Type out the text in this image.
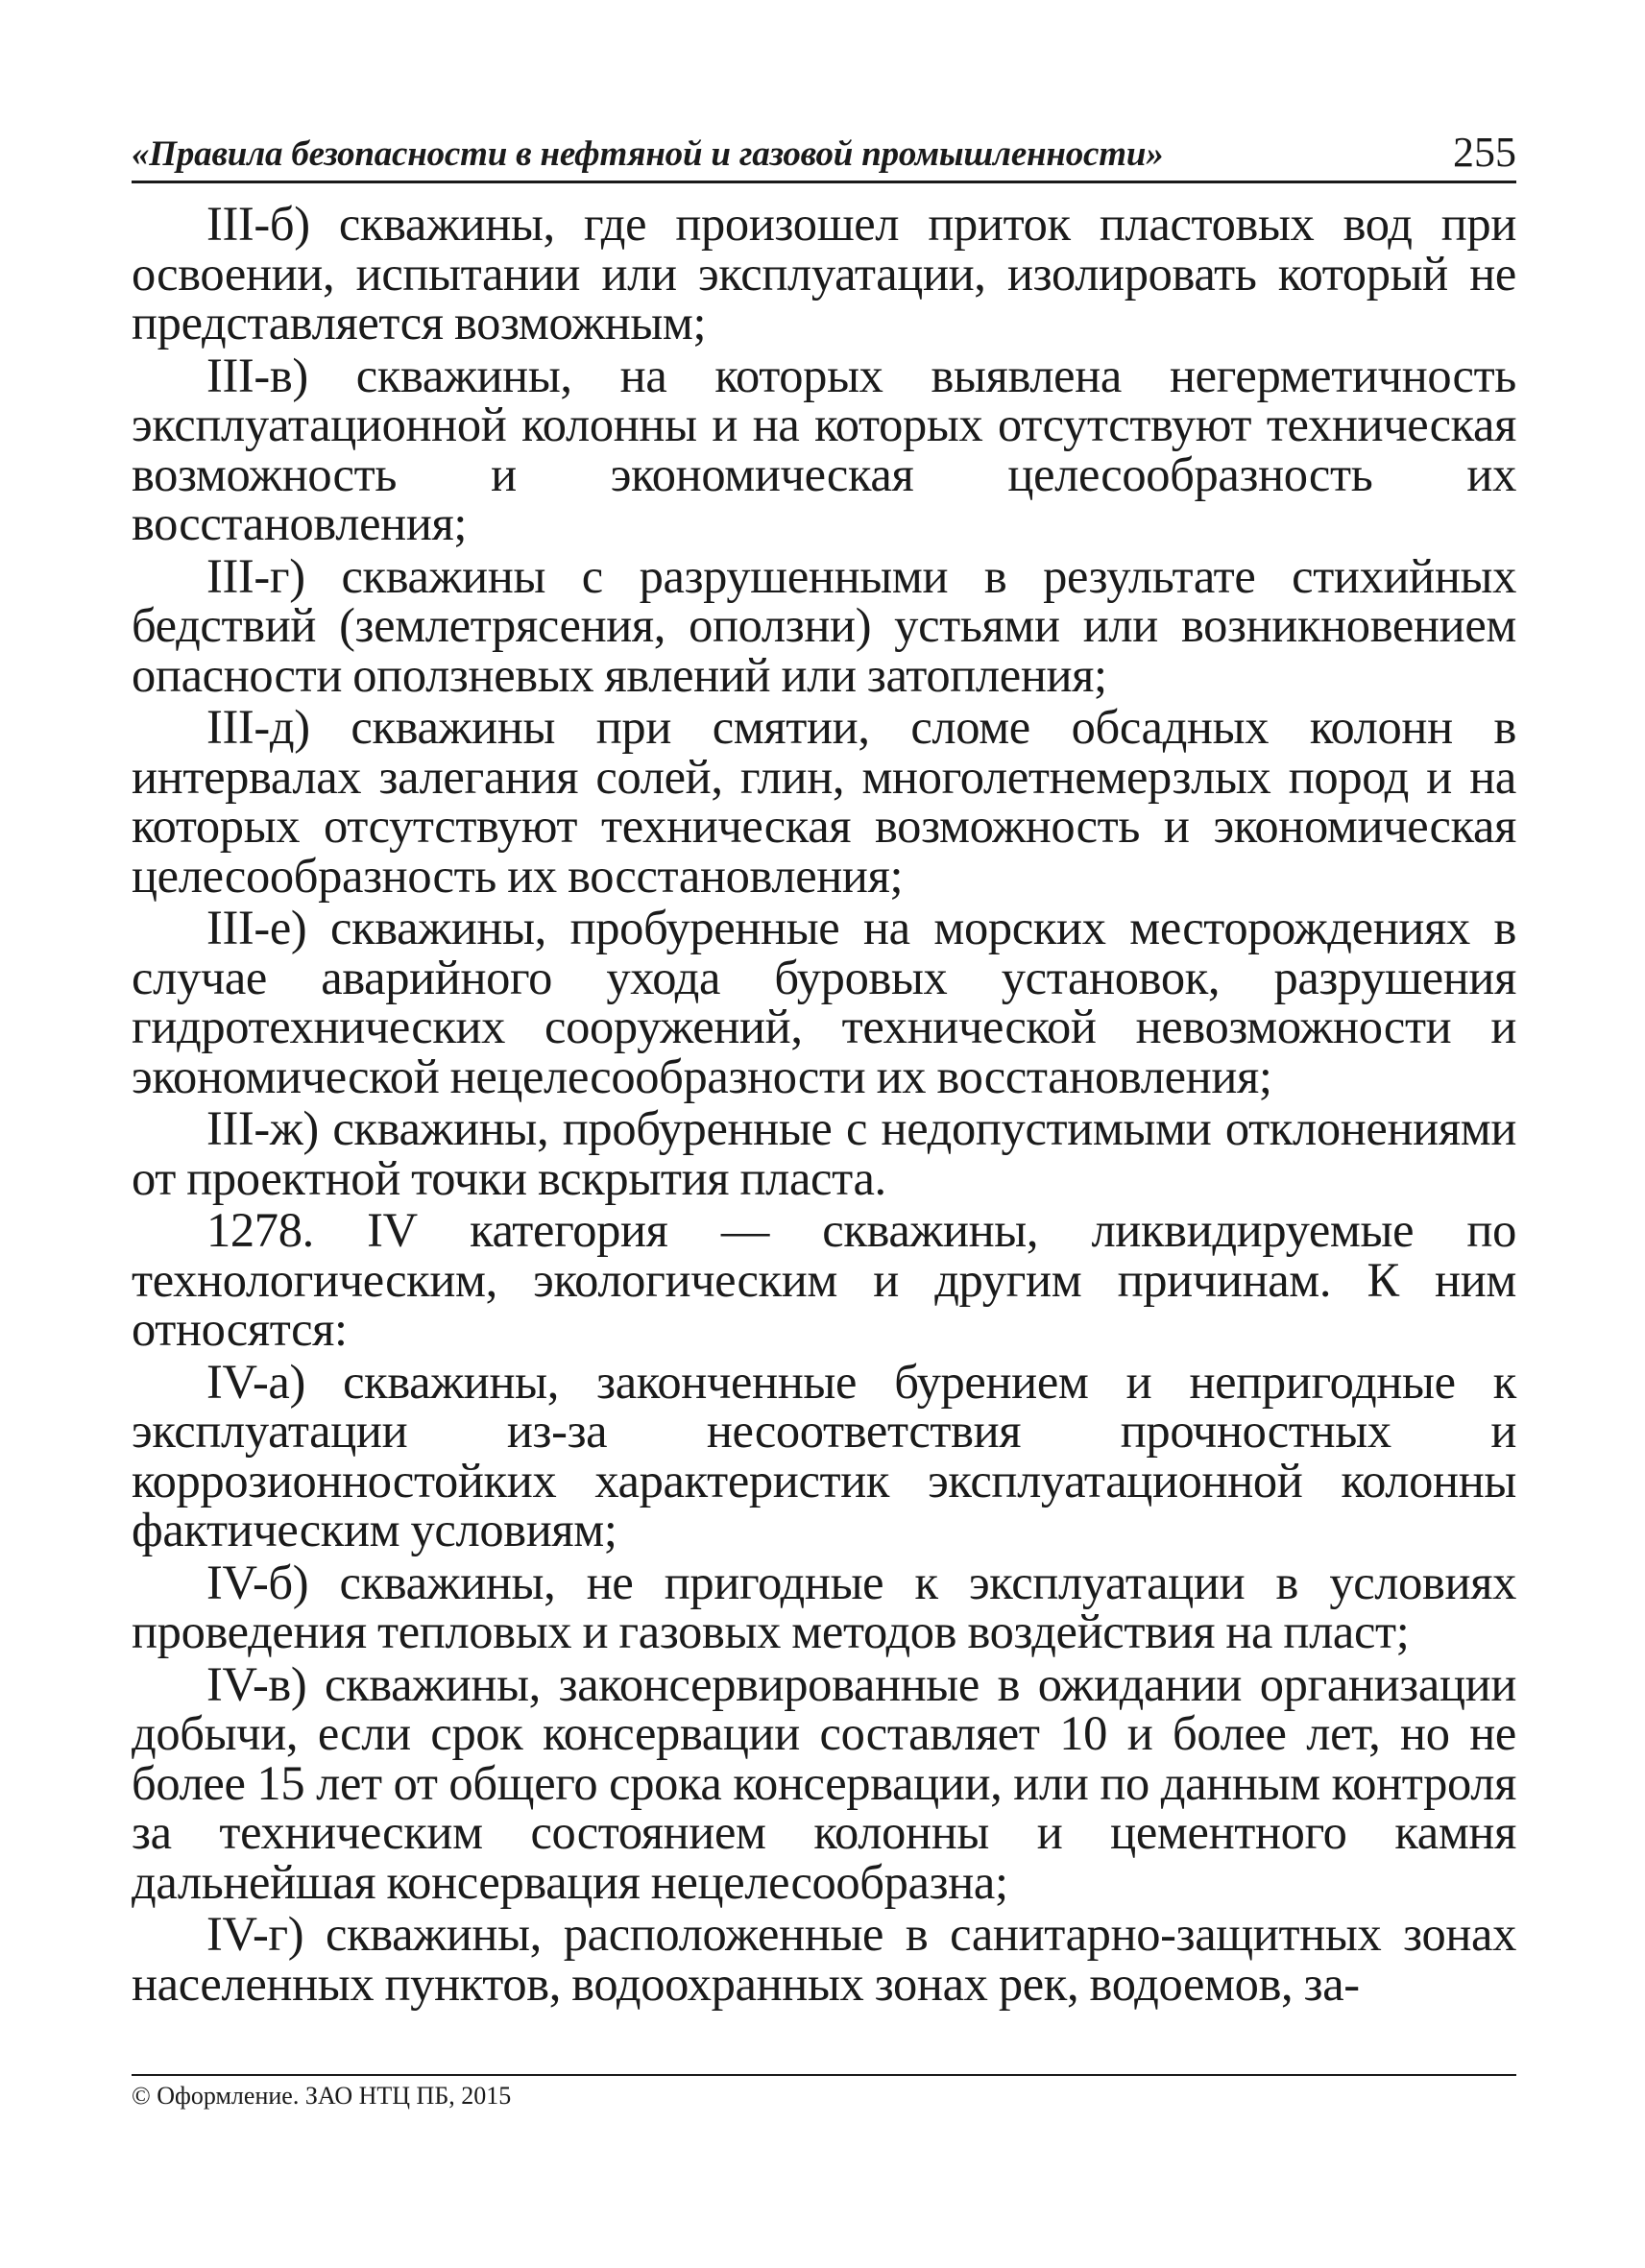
«Правила безопасности в нефтяной и газовой промышленности»	255

III-б) скважины, где произошел приток пластовых вод при освоении, испытании или эксплуатации, изолировать который не представляется возможным;

III-в) скважины, на которых выявлена негерметичность эксплуатационной колонны и на которых отсутствуют техническая возможность и экономическая целесообразность их восстановления;

III-г) скважины с разрушенными в результате стихийных бедствий (землетрясения, оползни) устьями или возникновением опасности оползневых явлений или затопления;

III-д) скважины при смятии, сломе обсадных колонн в интервалах залегания солей, глин, многолетнемерзлых пород и на которых отсутствуют техническая возможность и экономическая целесообразность их восстановления;

III-е) скважины, пробуренные на морских месторождениях в случае аварийного ухода буровых установок, разрушения гидротехнических сооружений, технической невозможности и экономической нецелесообразности их восстановления;

III-ж) скважины, пробуренные с недопустимыми отклонениями от проектной точки вскрытия пласта.

1278. IV категория — скважины, ликвидируемые по технологическим, экологическим и другим причинам. К ним относятся:

IV-а) скважины, законченные бурением и непригодные к эксплуатации из-за несоответствия прочностных и коррозионностойких характеристик эксплуатационной колонны фактическим условиям;

IV-б) скважины, не пригодные к эксплуатации в условиях проведения тепловых и газовых методов воздействия на пласт;

IV-в) скважины, законсервированные в ожидании организации добычи, если срок консервации составляет 10 и более лет, но не более 15 лет от общего срока консервации, или по данным контроля за техническим состоянием колонны и цементного камня дальнейшая консервация нецелесообразна;

IV-г) скважины, расположенные в санитарно-защитных зонах населенных пунктов, водоохранных зонах рек, водоемов, за-

© Оформление. ЗАО НТЦ ПБ, 2015
